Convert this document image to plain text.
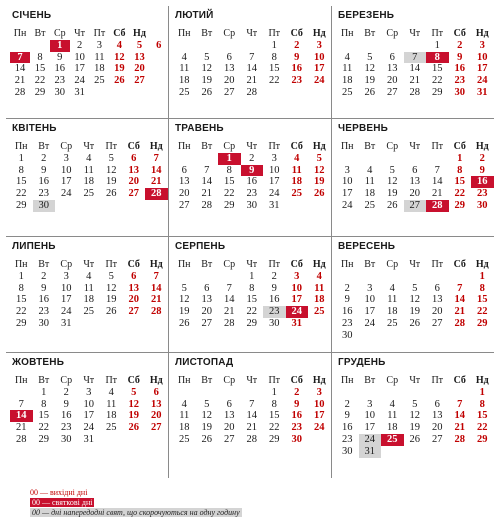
СІЧЕНЬ
Пн	Вт	Ср	Чт	Пт	Сб	Нд	
		1	2	3	4	5	6
7	8	9	10	11	12	13	
14	15	16	17	18	19	20	
21	22	23	24	25	26	27	
28	29	30	31				
ЛЮТИЙ
Пн	Вт	Ср	Чт	Пт	Сб	Нд
				1	2	3
4	5	6	7	8	9	10
11	12	13	14	15	16	17
18	19	20	21	22	23	24
25	26	27	28			
БЕРЕЗЕНЬ
Пн	Вт	Ср	Чт	Пт	Сб	Нд
				1	2	3
4	5	6	7	8	9	10
11	12	13	14	15	16	17
18	19	20	21	22	23	24
25	26	27	28	29	30	31
КВІТЕНЬ
Пн	Вт	Ср	Чт	Пт	Сб	Нд
1	2	3	4	5	6	7
8	9	10	11	12	13	14
15	16	17	18	19	20	21
22	23	24	25	26	27	28
29	30					
ТРАВЕНЬ
Пн	Вт	Ср	Чт	Пт	Сб	Нд
		1	2	3	4	5
6	7	8	9	10	11	12
13	14	15	16	17	18	19
20	21	22	23	24	25	26
27	28	29	30	31		
ЧЕРВЕНЬ
Пн	Вт	Ср	Чт	Пт	Сб	Нд
					1	2
3	4	5	6	7	8	9
10	11	12	13	14	15	16
17	18	19	20	21	22	23
24	25	26	27	28	29	30
ЛИПЕНЬ
Пн	Вт	Ср	Чт	Пт	Сб	Нд
1	2	3	4	5	6	7
8	9	10	11	12	13	14
15	16	17	18	19	20	21
22	23	24	25	26	27	28
29	30	31				
СЕРПЕНЬ
Пн	Вт	Ср	Чт	Пт	Сб	Нд
			1	2	3	4
5	6	7	8	9	10	11
12	13	14	15	16	17	18
19	20	21	22	23	24	25
26	27	28	29	30	31	
ВЕРЕСЕНЬ
Пн	Вт	Ср	Чт	Пт	Сб	Нд
						1
2	3	4	5	6	7	8
9	10	11	12	13	14	15
16	17	18	19	20	21	22
23	24	25	26	27	28	29
30						
ЖОВТЕНЬ
Пн	Вт	Ср	Чт	Пт	Сб	Нд
	1	2	3	4	5	6
7	8	9	10	11	12	13
14	15	16	17	18	19	20
21	22	23	24	25	26	27
28	29	30	31			
ЛИСТОПАД
Пн	Вт	Ср	Чт	Пт	Сб	Нд
				1	2	3
4	5	6	7	8	9	10
11	12	13	14	15	16	17
18	19	20	21	22	23	24
25	26	27	28	29	30	
ГРУДЕНЬ
Пн	Вт	Ср	Чт	Пт	Сб	Нд
						1
2	3	4	5	6	7	8
9	10	11	12	13	14	15
16	17	18	19	20	21	22
23	24	25	26	27	28	29
30	31					
00 — вихідні дні
00 — святкові дні
00 — дні напередодні свят, що скорочуються на одну годину
